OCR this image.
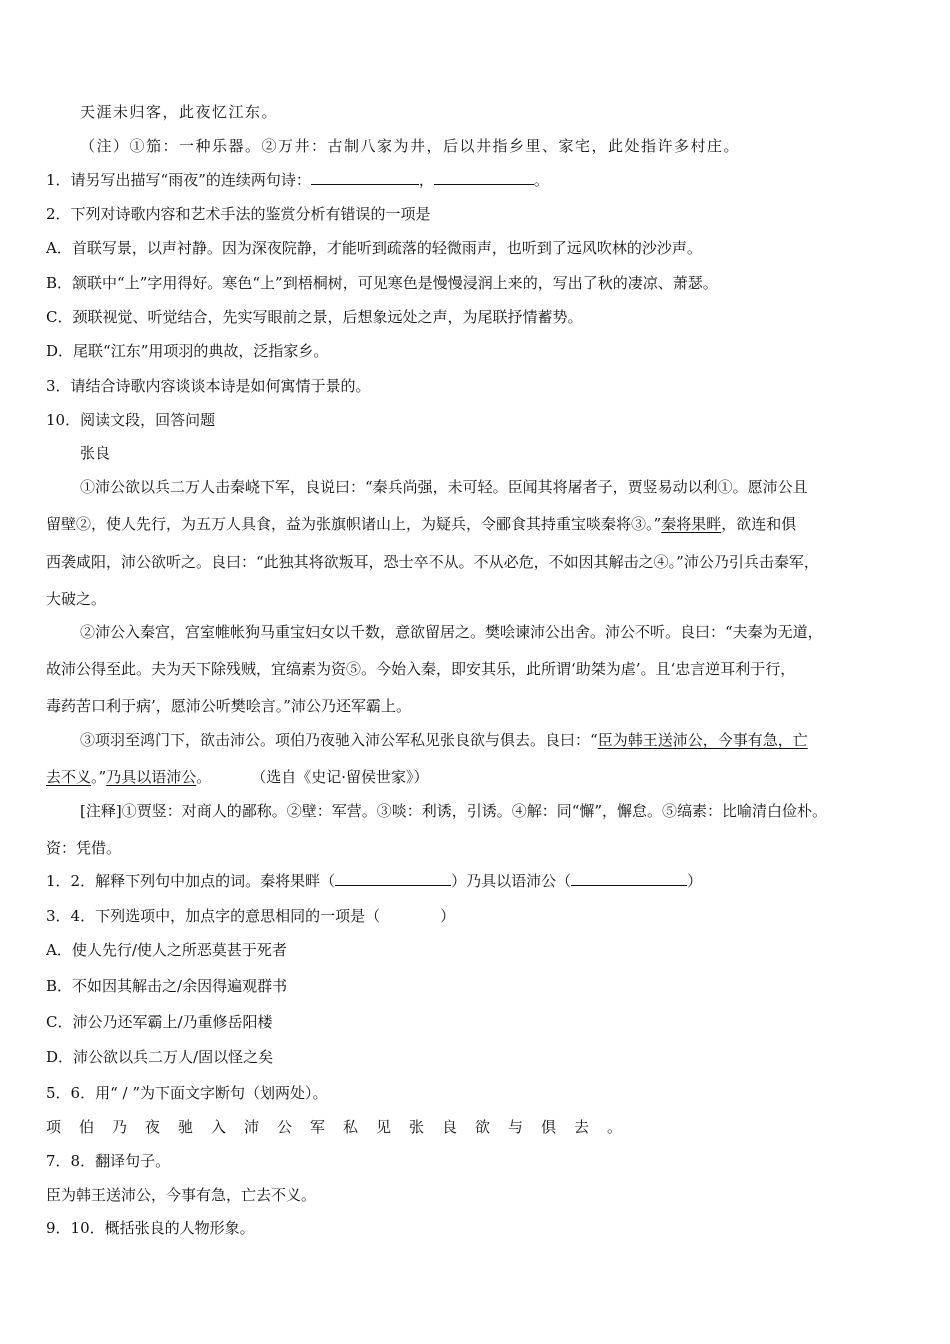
天涯未归客，此夜忆江东。
（注）①笳：一种乐器。②万井：古制八家为井，后以井指乡里、家宅，此处指许多村庄。
1．请另写出描写“雨夜”的连续两句诗：	，	。
2．下列对诗歌内容和艺术手法的鉴赏分析有错误的一项是
A．首联写景，以声衬静。因为深夜院静，才能听到疏落的轻微雨声，也听到了远风吹林的沙沙声。
B．颔联中“上”字用得好。寒色“上”到梧桐树，可见寒色是慢慢浸润上来的，写出了秋的凄凉、萧瑟。
C．颈联视觉、听觉结合，先实写眼前之景，后想象远处之声，为尾联抒情蓄势。
D．尾联“江东”用项羽的典故，泛指家乡。
3．请结合诗歌内容谈谈本诗是如何寓情于景的。
10．阅读文段，回答问题
张良
①沛公欲以兵二万人击秦峣下军，良说曰：“秦兵尚强，未可轻。臣闻其将屠者子，贾竖易动以利①。愿沛公且
留壁②，使人先行，为五万人具食，益为张旗帜诸山上，为疑兵，令郦食其持重宝啖秦将③。”秦将果畔，欲连和俱
西袭咸阳，沛公欲听之。良曰：“此独其将欲叛耳，恐士卒不从。不从必危，不如因其解击之④。”沛公乃引兵击秦军，
大破之。
②沛公入秦宫，宫室帷帐狗马重宝妇女以千数，意欲留居之。樊哙谏沛公出舍。沛公不听。良曰：“夫秦为无道，
故沛公得至此。夫为天下除残贼，宜缟素为资⑤。今始入秦，即安其乐，此所谓‘助桀为虐’。且‘忠言逆耳利于行，
毒药苦口利于病’，愿沛公听樊哙言。”沛公乃还军霸上。
③项羽至鸿门下，欲击沛公。项伯乃夜驰入沛公军私见张良欲与俱去。良曰：“臣为韩王送沛公，今事有急，亡
去不义。”乃具以语沛公。	（选自《史记·留侯世家》）
[注释]①贾竖：对商人的鄙称。②壁：军营。③啖：利诱，引诱。④解：同“懈”，懈怠。⑤缟素：比喻清白俭朴。
资：凭借。
1．2．解释下列句中加点的词。秦将果畔（	）乃具以语沛公（	）
3．4．下列选项中，加点字的意思相同的一项是（　　　　）
A．使人先行/使人之所恶莫甚于死者
B．不如因其解击之/余因得遍观群书
C．沛公乃还军霸上/乃重修岳阳楼
D．沛公欲以兵二万人/固以怪之矣
5．6．用“ / ”为下面文字断句（划两处）。
项伯乃夜驰入沛公军私见张良欲与俱去。
7．8．翻译句子。
臣为韩王送沛公，今事有急，亡去不义。
9．10．概括张良的人物形象。
